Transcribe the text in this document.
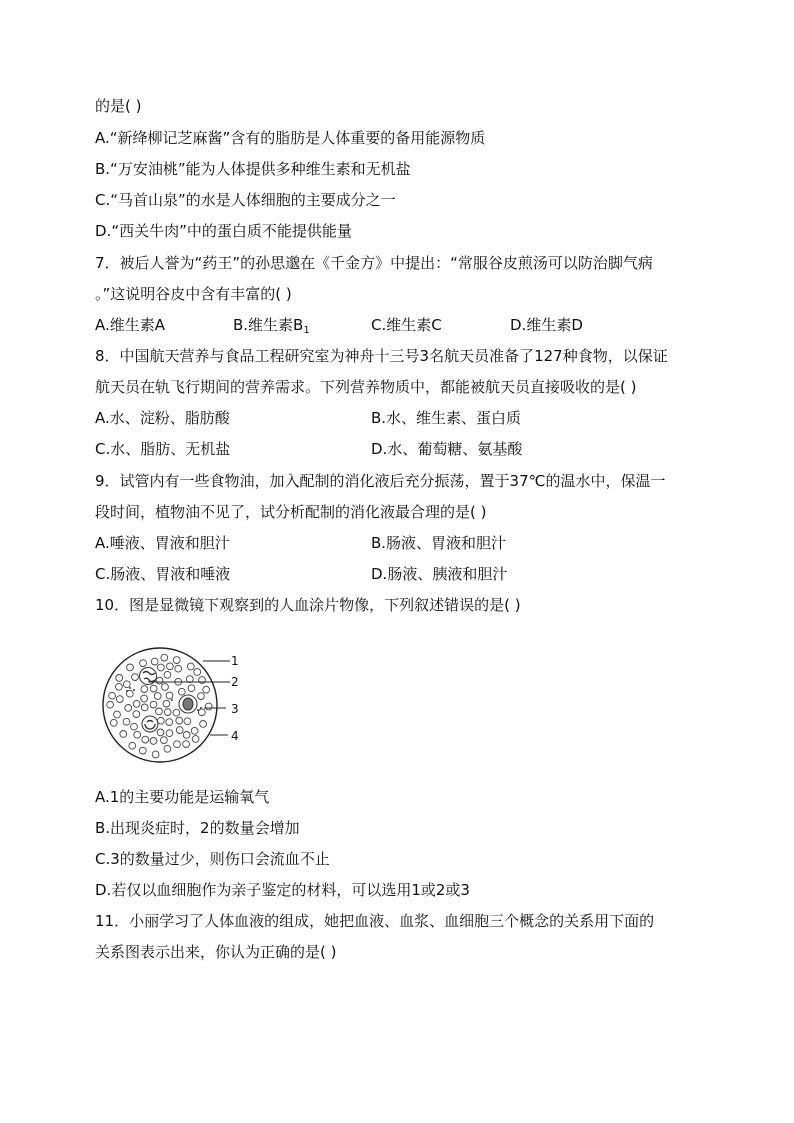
的是( )
A.“新绛柳记芝麻酱”含有的脂肪是人体重要的备用能源物质
B.“万安油桃”能为人体提供多种维生素和无机盐
C.“马首山泉”的水是人体细胞的主要成分之一
D.“西关牛肉”中的蛋白质不能提供能量
7．被后人誉为“药王”的孙思邈在《千金方》中提出：“常服谷皮煎汤可以防治脚气病
。”这说明谷皮中含有丰富的( )
A.维生素A	B.维生素$B_1$	C.维生素C	D.维生素D
8．中国航天营养与食品工程研究室为神舟十三号3名航天员准备了127种食物，以保证
航天员在轨飞行期间的营养需求。下列营养物质中，都能被航天员直接吸收的是( )
A.水、淀粉、脂肪酸	B.水、维生素、蛋白质
C.水、脂肪、无机盐	D.水、葡萄糖、氨基酸
9．试管内有一些食物油，加入配制的消化液后充分振荡，置于37℃的温水中，保温一
段时间，植物油不见了，试分析配制的消化液最合理的是( )
A.唾液、胃液和胆汁	B.肠液、胃液和胆汁
C.肠液、胃液和唾液	D.肠液、胰液和胆汁
10．图是显微镜下观察到的人血涂片物像，下列叙述错误的是( )
1
2
3
4
A.1的主要功能是运输氧气
B.出现炎症时，2的数量会增加
C.3的数量过少，则伤口会流血不止
D.若仅以血细胞作为亲子鉴定的材料，可以选用1或2或3
11．小丽学习了人体血液的组成，她把血液、血浆、血细胞三个概念的关系用下面的
关系图表示出来，你认为正确的是( )
